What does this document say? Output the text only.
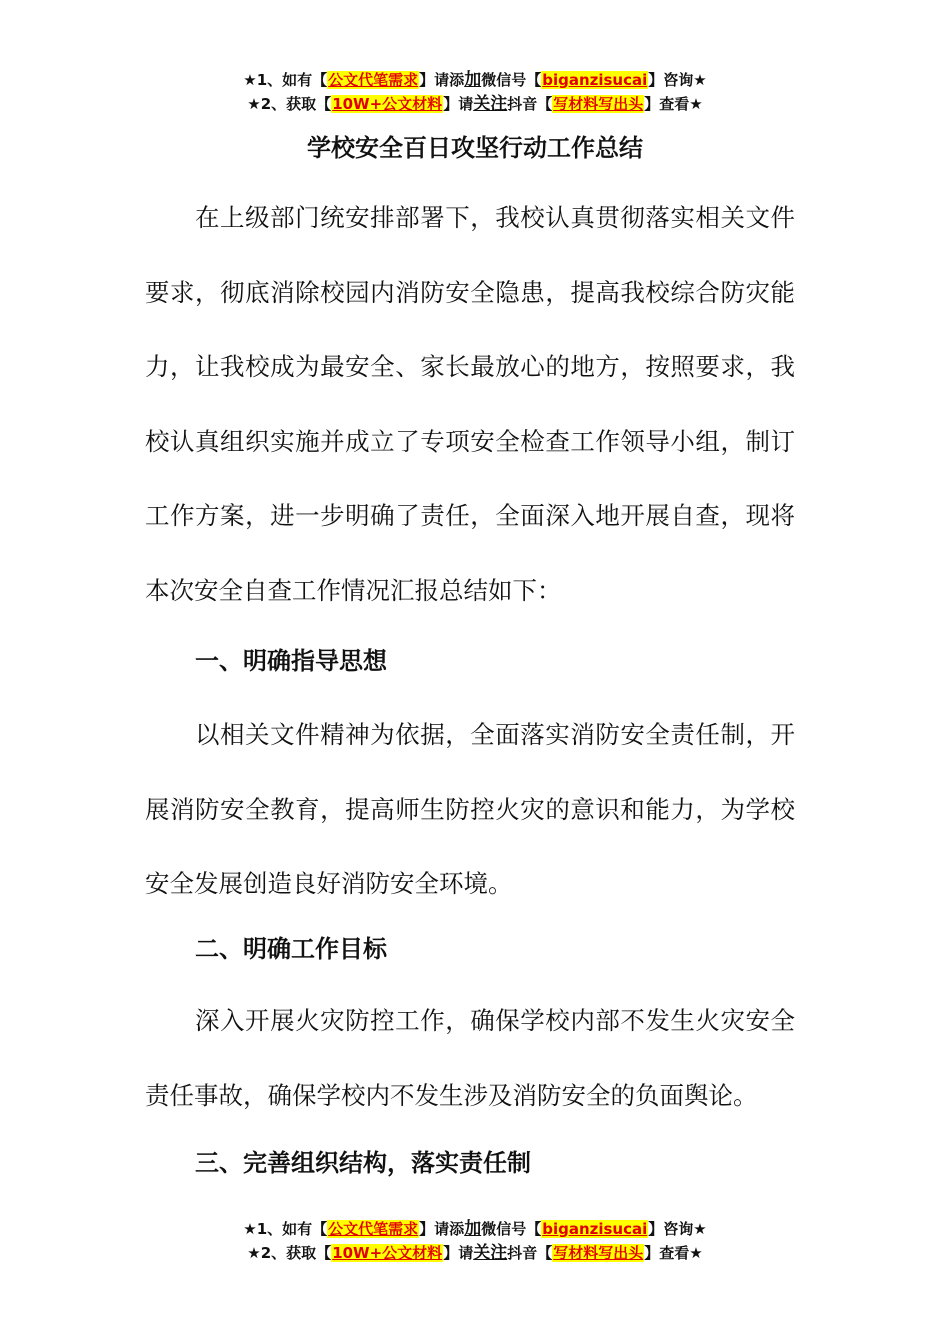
★1、如有【公文代笔需求】请添加微信号【biganzisucai】咨询★
★2、获取【10W+公文材料】请关注抖音【写材料写出头】查看★
学校安全百日攻坚行动工作总结

在上级部门统安排部署下，我校认真贯彻落实相关文件要求，彻底消除校园内消防安全隐患，提高我校综合防灾能力，让我校成为最安全、家长最放心的地方，按照要求，我校认真组织实施并成立了专项安全检查工作领导小组，制订工作方案，进一步明确了责任，全面深入地开展自查，现将本次安全自查工作情况汇报总结如下：

一、明确指导思想

以相关文件精神为依据，全面落实消防安全责任制，开展消防安全教育，提高师生防控火灾的意识和能力，为学校安全发展创造良好消防安全环境。

二、明确工作目标

深入开展火灾防控工作，确保学校内部不发生火灾安全责任事故，确保学校内不发生涉及消防安全的负面舆论。

三、完善组织结构，落实责任制
★1、如有【公文代笔需求】请添加微信号【biganzisucai】咨询★
★2、获取【10W+公文材料】请关注抖音【写材料写出头】查看★
